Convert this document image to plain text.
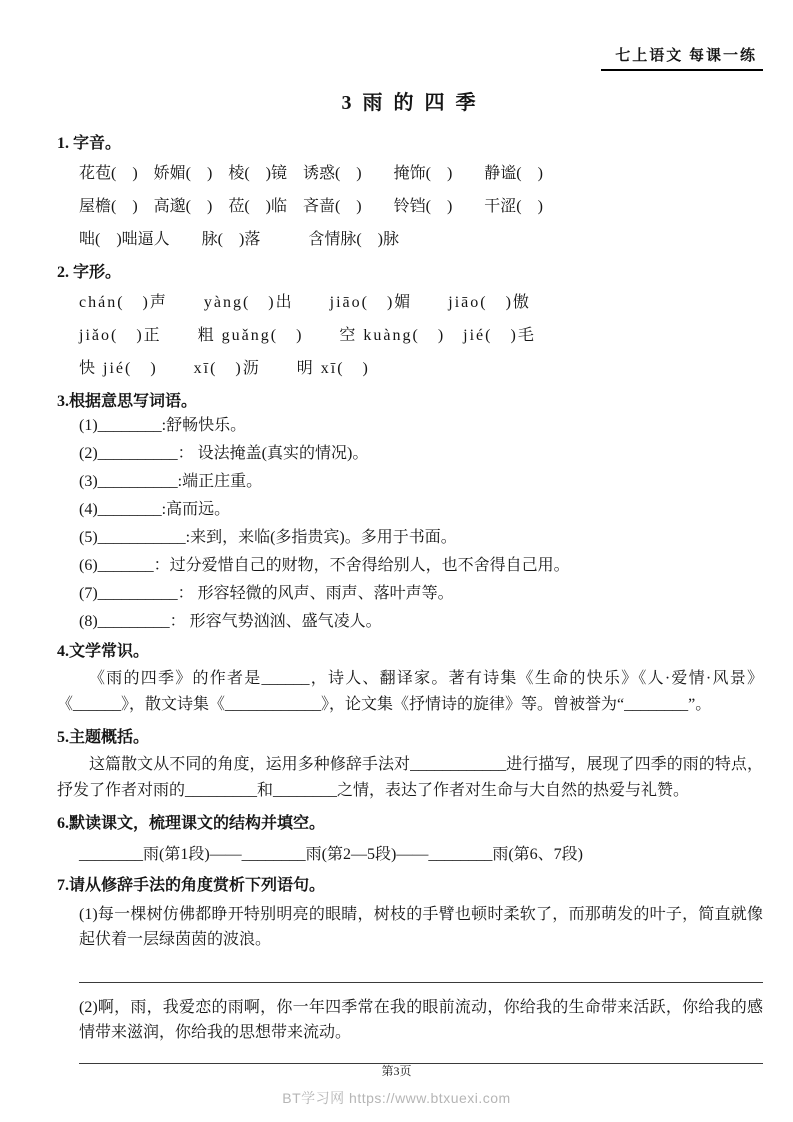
七上语文 每课一练
3 雨 的 四 季
1. 字音。

花苞(　)　娇媚(　)　棱(　)镜　诱惑(　)　　掩饰(　)　　静谧(　)

屋檐(　)　高邈(　)　莅(　)临　吝啬(　)　　铃铛(　)　　干涩(　)

咄(　)咄逼人　　脉(　)落　　　含情脉(　)脉

2. 字形。

chán(　)声　　yàng(　)出　　jiāo(　)媚　　jiāo(　)傲

jiǎo(　)正　　粗 guǎng(　)　　空 kuàng(　)　jié(　)毛

快 jié(　)　　xī(　)沥　　明 xī(　)

3.根据意思写词语。

(1)________:舒畅快乐。

(2)__________： 设法掩盖(真实的情况)。

(3)__________:端正庄重。

(4)________:高而远。

(5)___________:来到，来临(多指贵宾)。多用于书面。

(6)_______：过分爱惜自己的财物，不舍得给别人，也不舍得自己用。

(7)__________： 形容轻微的风声、雨声、落叶声等。

(8)_________： 形容气势汹汹、盛气凌人。

4.文学常识。

《雨的四季》的作者是______，诗人、翻译家。著有诗集《生命的快乐》《人·爱情·风景》《______》，散文诗集《____________》，论文集《抒情诗的旋律》等。曾被誉为“________”。

5.主题概括。

这篇散文从不同的角度，运用多种修辞手法对____________进行描写，展现了四季的雨的特点，抒发了作者对雨的_________和________之情，表达了作者对生命与大自然的热爱与礼赞。

6.默读课文，梳理课文的结构并填空。

________雨(第1段)——________雨(第2—5段)——________雨(第6、7段)

7.请从修辞手法的角度赏析下列语句。
(1)每一棵树仿佛都睁开特别明亮的眼睛，树枝的手臂也顿时柔软了，而那萌发的叶子，简直就像起伏着一层绿茵茵的波浪。
(2)啊，雨，我爱恋的雨啊，你一年四季常在我的眼前流动，你给我的生命带来活跃，你给我的感情带来滋润，你给我的思想带来流动。
第3页
BT学习网 https://www.btxuexi.com
